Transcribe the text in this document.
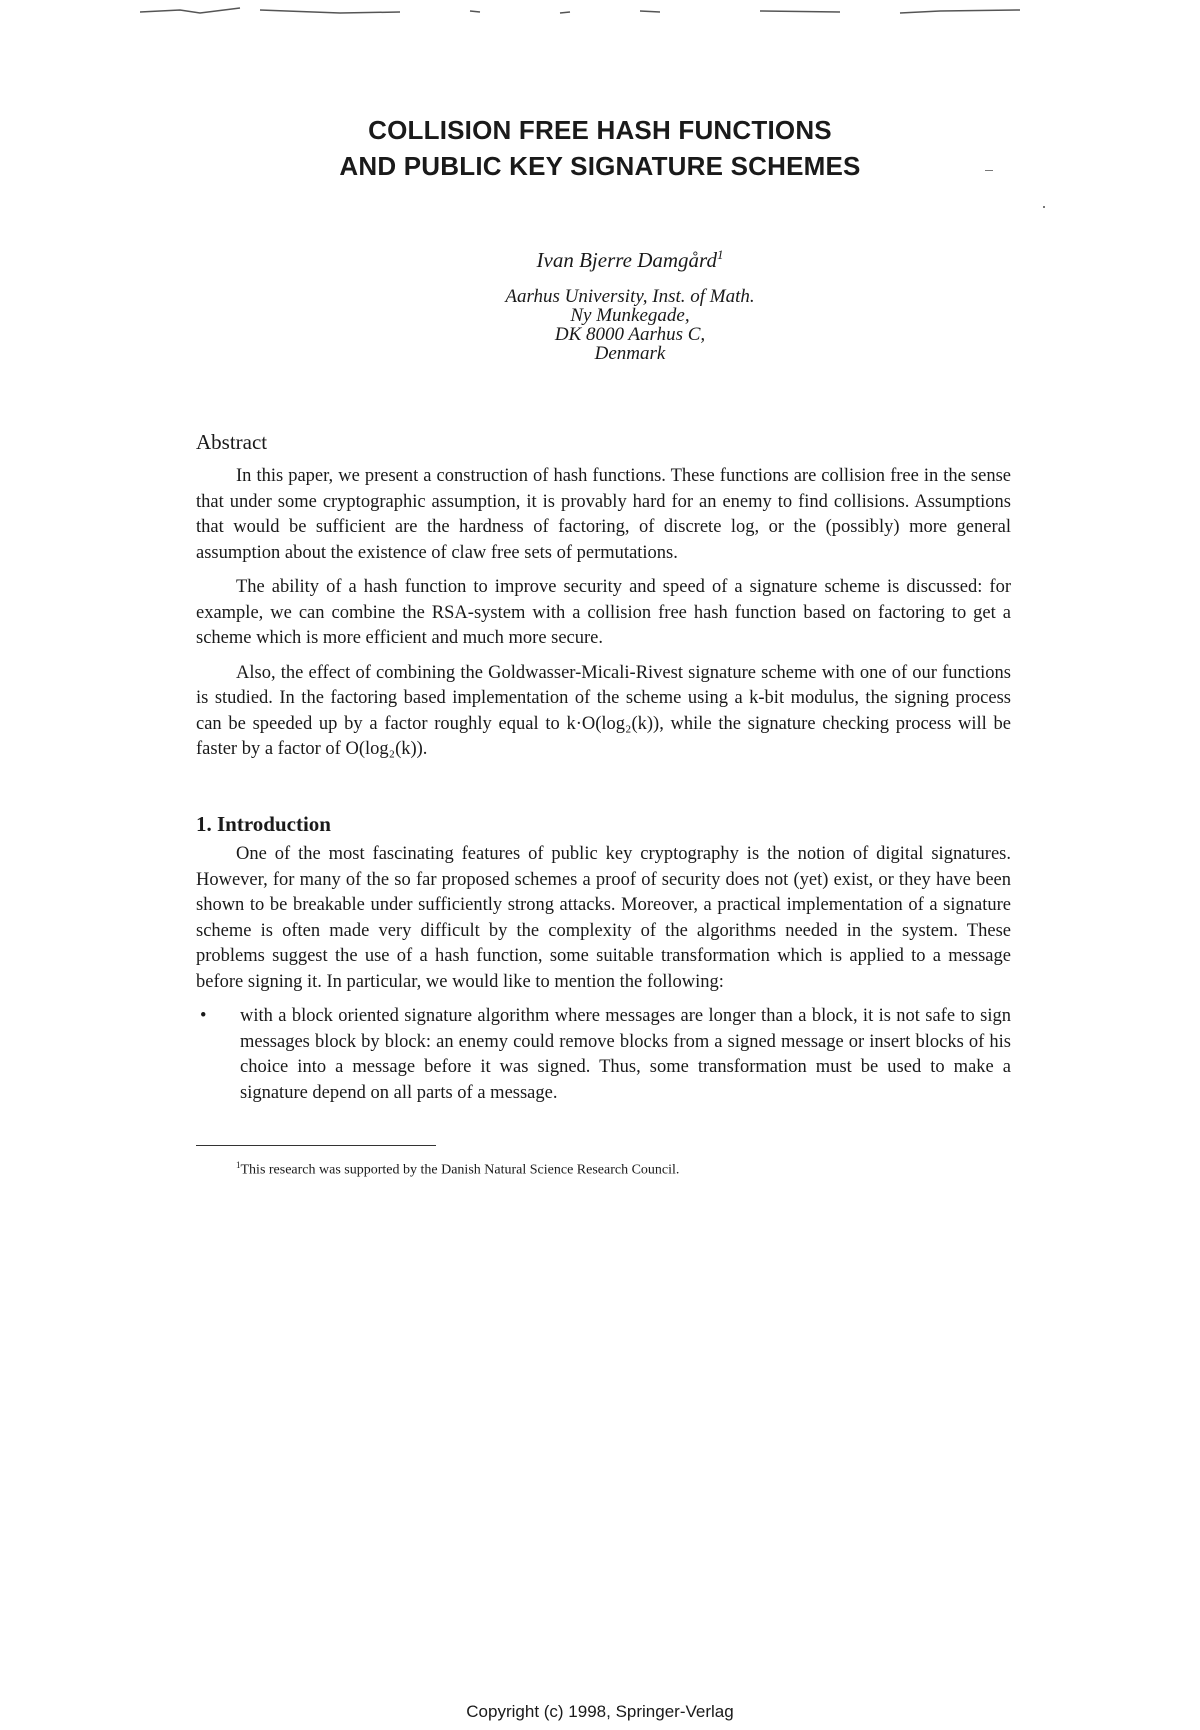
COLLISION FREE HASH FUNCTIONS
AND PUBLIC KEY SIGNATURE SCHEMES
Ivan Bjerre Damgård$^1$
Aarhus University, Inst. of Math.
Ny Munkegade,
DK 8000 Aarhus C,
Denmark
Abstract

In this paper, we present a construction of hash functions. These functions are collision free in the sense that under some cryptographic assumption, it is provably hard for an enemy to find collisions. Assumptions that would be sufficient are the hardness of factoring, of discrete log, or the (possibly) more general assumption about the existence of claw free sets of permutations.

The ability of a hash function to improve security and speed of a signature scheme is discussed: for example, we can combine the RSA-system with a collision free hash function based on factoring to get a scheme which is more efficient and much more secure.

Also, the effect of combining the Goldwasser-Micali-Rivest signature scheme with one of our functions is studied. In the factoring based implementation of the scheme using a k-bit modulus, the signing process can be speeded up by a factor roughly equal to k·O(log₂(k)), while the signature checking process will be faster by a factor of O(log₂(k)).

1. Introduction

One of the most fascinating features of public key cryptography is the notion of digital signatures. However, for many of the so far proposed schemes a proof of security does not (yet) exist, or they have been shown to be breakable under sufficiently strong attacks. Moreover, a practical implementation of a signature scheme is often made very difficult by the complexity of the algorithms needed in the system. These problems suggest the use of a hash function, some suitable transformation which is applied to a message before signing it. In particular, we would like to mention the following:

• with a block oriented signature algorithm where messages are longer than a block, it is not safe to sign messages block by block: an enemy could remove blocks from a signed message or insert blocks of his choice into a message before it was signed. Thus, some transformation must be used to make a signature depend on all parts of a message.
$^1$This research was supported by the Danish Natural Science Research Council.
Copyright (c) 1998, Springer-Verlag
